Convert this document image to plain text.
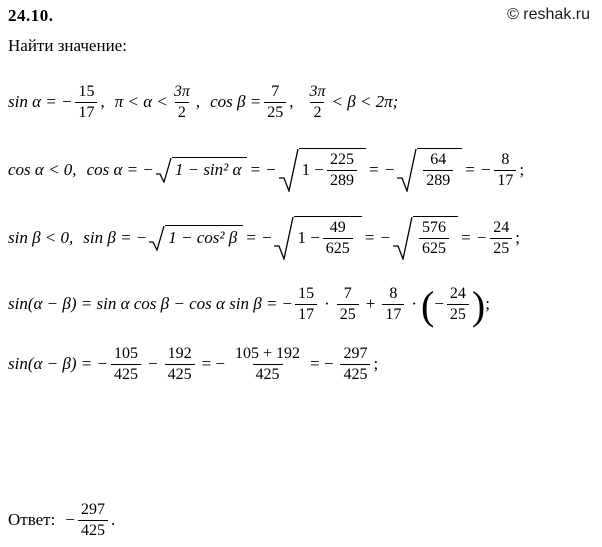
24.10.	© reshak.ru
Найти значение:
sin α = − $\frac{15}{17}$ , $\pi < \alpha < \frac{3\pi}{2}$ , $\cos \beta = \frac{7}{25}$ , $\frac{3\pi}{2} < \beta < 2\pi$;
cos α < 0, cos α = − 1 − sin² α = − $1 - \frac{225}{289}$ = − $\frac{64}{289}$ = − $\frac{8}{17}$ ;
sin β < 0, sin β = − 1 − cos² β = − $1 - \frac{49}{625}$ = − $\frac{576}{625}$ = − $\frac{24}{25}$ ;
sin(α − β) = sin α cos β − cos α sin β = − $\frac{15}{17} \cdot \frac{7}{25} + \frac{8}{17}$ · ( − $\frac{24}{25}$ ) ;
sin(α − β) = − $\frac{105}{425} - \frac{192}{425}$ = − $\frac{105 + 192}{425}$ = − $\frac{297}{425}$ ;
Ответ: − $\frac{297}{425}$ .
